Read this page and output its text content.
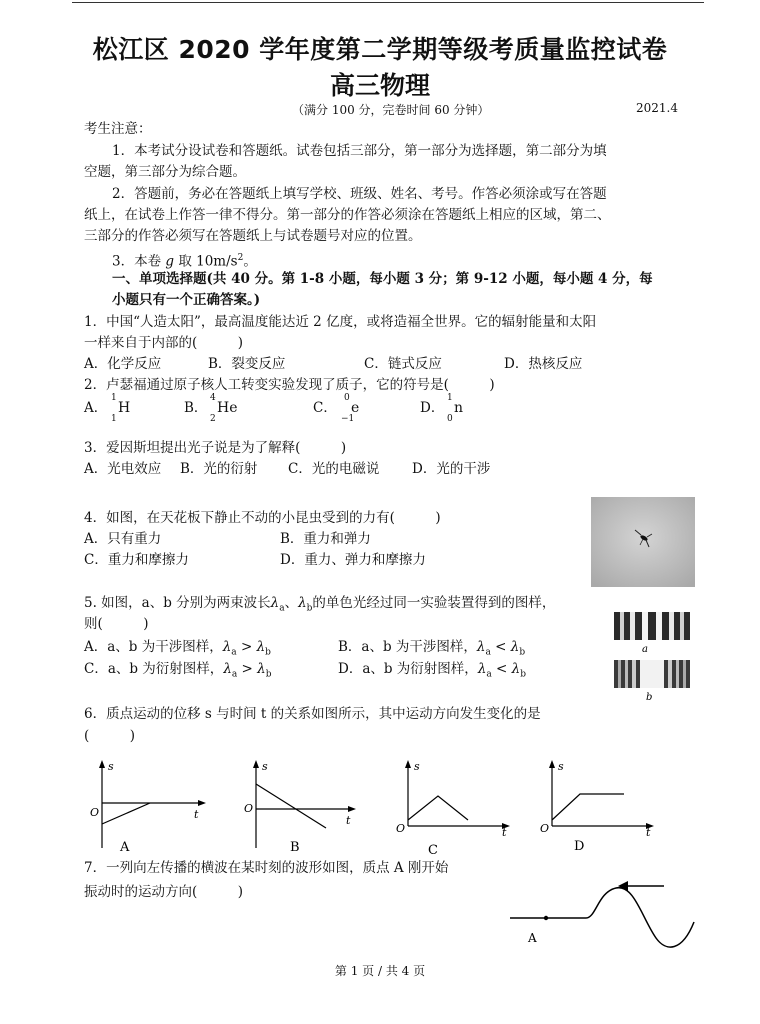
松江区 2020 学年度第二学期等级考质量监控试卷
高三物理
（满分 100 分，完卷时间 60 分钟）	2021.4
考生注意：
1．本考试分设试卷和答题纸。试卷包括三部分，第一部分为选择题，第二部分为填
空题，第三部分为综合题。
2．答题前，务必在答题纸上填写学校、班级、姓名、考号。作答必须涂或写在答题
纸上，在试卷上作答一律不得分。第一部分的作答必须涂在答题纸上相应的区域，第二、
三部分的作答必须写在答题纸上与试卷题号对应的位置。
3．本卷 g 取 $10m/s^2$。
一、单项选择题(共 40 分。第 1-8 小题，每小题 3 分；第 9-12 小题，每小题 4 分，每
小题只有一个正确答案。)
1．中国“人造太阳”，最高温度能达近 2 亿度，或将造福全世界。它的辐射能量和太阳
一样来自于内部的(　　　)
A．化学反应	B．裂变反应	C．链式反应	D．热核反应
2．卢瑟福通过原子核人工转变实验发现了质子，它的符号是(　　　)
A．
1
1
H	B．
4
2
He	C．
0
−1
e	D．
1
0
n
3．爱因斯坦提出光子说是为了解释(　　　)
A．光电效应 B．光的衍射 C．光的电磁说 D．光的干涉
4．如图，在天花板下静止不动的小昆虫受到的力有(　　　)
A．只有重力	B．重力和弹力
C．重力和摩擦力	D．重力、弹力和摩擦力
5. 如图，a、b 分别为两束波长$\lambda_a$、$\lambda_b$的单色光经过同一实验装置得到的图样，
则(　　　)
A．a、b 为干涉图样，$\lambda_a > \lambda_b$	B．a、b 为干涉图样，$\lambda_a < \lambda_b$
C．a、b 为衍射图样，$\lambda_a > \lambda_b$	D．a、b 为衍射图样，$\lambda_a < \lambda_b$
a
b
6．质点运动的位移 s 与时间 t 的关系如图所示，其中运动方向发生变化的是
(　　　)
s
t
O
A
s
t
O
B
s
t
O
C
s
t
O
D
7．一列向左传播的横波在某时刻的波形如图，质点 A 刚开始
振动时的运动方向(　　　)
A
第 1 页 / 共 4 页
